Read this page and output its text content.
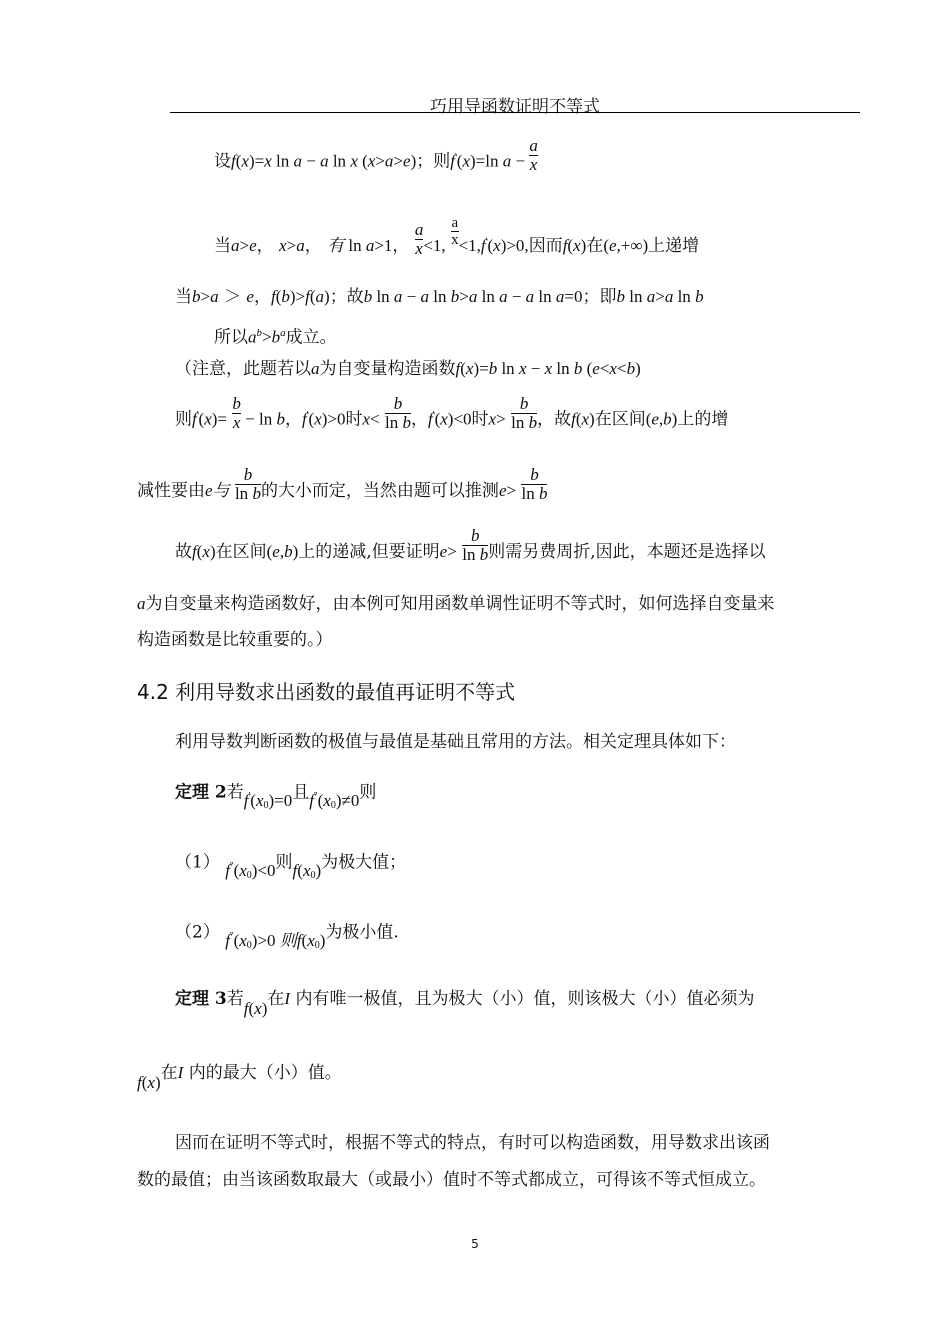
巧用导函数证明不等式
设f(x)=x ln a − a ln x (x>a>e)；则f'(x)=ln $a - \frac{a}{x}$
当a>e， x>a， 有 ln a>1， $\frac{a}{x} <1$, $\frac{a}{x} <1,f'(x)>0$,因而f(x)在(e,+∞)上递增
当b>a ＞ e，f(b)>f(a)；故b ln a − a ln b>a ln a − a ln a=0；即b ln a>a ln b
所以$a^b>b^a$成立。
（注意，此题若以a为自变量构造函数f(x)=b ln x − x ln b (e<x<b)
则$f'(x)= \frac{b}{x} - \ln b$，f'(x)>0时$x< \frac{b}{\text{ln b}}$ ，f'(x)<0时$x> \frac{b}{\text{ln b}}$ ，故f(x)在区间(e,b)上的增
减性要由e与 $\frac{b}{\text{ln b}}$ 的大小而定，当然由题可以推测$e> \frac{b}{\text{ln b}}$
故f(x)在区间(e,b)上的递减,但要证明$e> \frac{b}{\text{ln b}}$ 则需另费周折,因此，本题还是选择以
a为自变量来构造函数好，由本例可知用函数单调性证明不等式时，如何选择自变量来
构造函数是比较重要的。）
4.2 利用导数求出函数的最值再证明不等式
利用导数判断函数的极值与最值是基础且常用的方法。相关定理具体如下：
定理 2若$f'(x_0)=0$且$f''(x_0)\ne 0$则
（1） $f''(x_0)<0$则$f(x_0)$为极大值；
（2） $f''(x_0)>0$ 则$f(x_0)$为极小值.
定理 3若f(x)在I 内有唯一极值，且为极大（小）值，则该极大（小）值必须为
f(x)在I 内的最大（小）值。
因而在证明不等式时，根据不等式的特点，有时可以构造函数，用导数求出该函
数的最值；由当该函数取最大（或最小）值时不等式都成立，可得该不等式恒成立。
5
